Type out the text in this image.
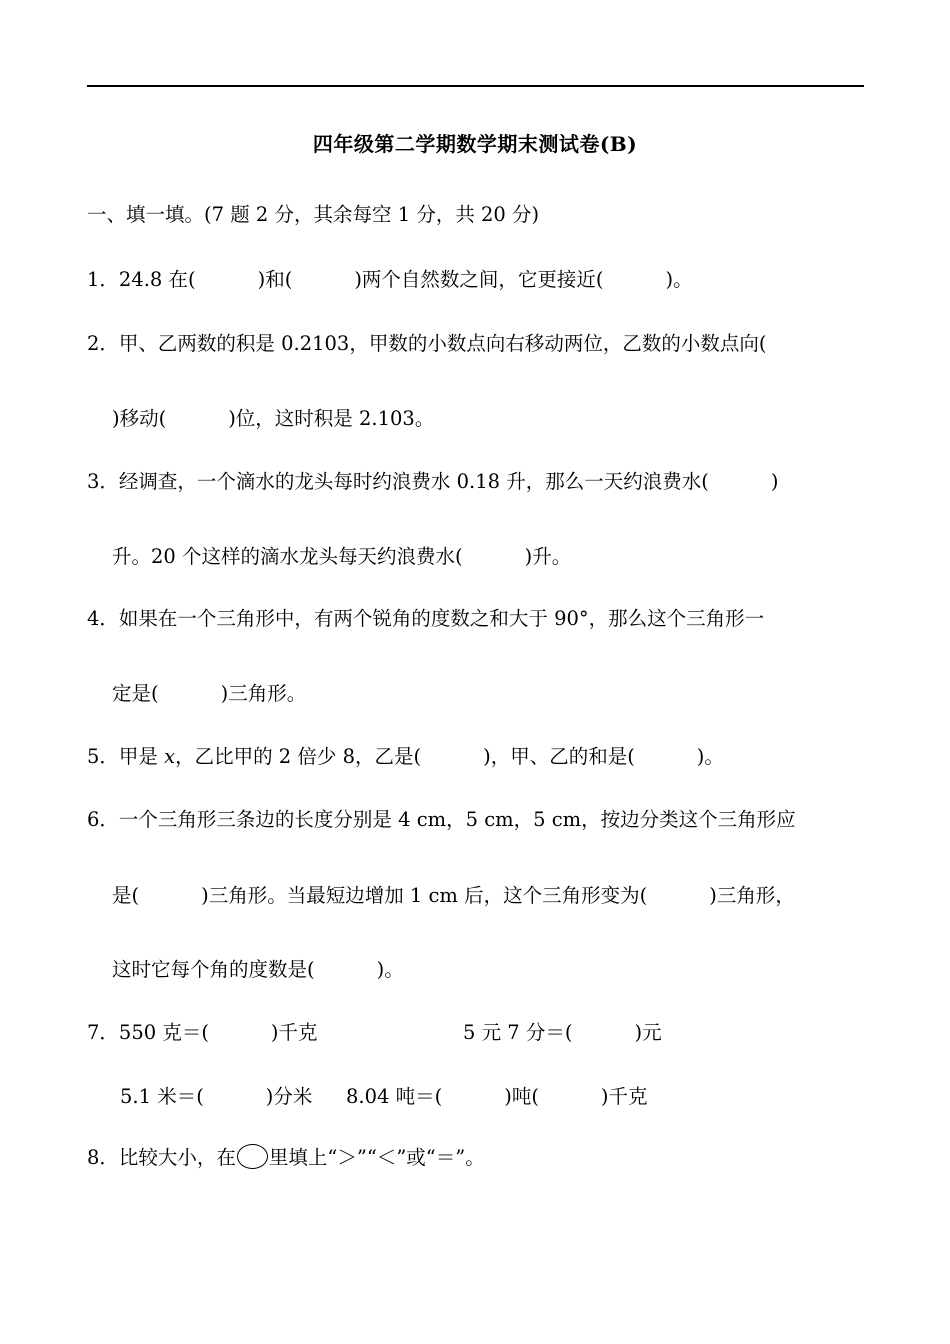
四年级第二学期数学期末测试卷(B)
一、填一填。(7 题 2 分，其余每空 1 分，共 20 分)
1．24.8 在(          )和(          )两个自然数之间，它更接近(          )。
2．甲、乙两数的积是 0.2103，甲数的小数点向右移动两位，乙数的小数点向(
)移动(          )位，这时积是 2.103。
3．经调查，一个滴水的龙头每时约浪费水 0.18 升，那么一天约浪费水(          )
升。20 个这样的滴水龙头每天约浪费水(          )升。
4．如果在一个三角形中，有两个锐角的度数之和大于 90°，那么这个三角形一
定是(          )三角形。
5．甲是 x，乙比甲的 2 倍少 8，乙是(          )，甲、乙的和是(          )。
6．一个三角形三条边的长度分别是 4 cm，5 cm，5 cm，按边分类这个三角形应
是(          )三角形。当最短边增加 1 cm 后，这个三角形变为(          )三角形，
这时它每个角的度数是(          )。
7．550 克＝(          )千克	5 元 7 分＝(          )元
5.1 米＝(          )分米 8.04 吨＝(          )吨(          )千克
8．比较大小，在 里填上“＞”“＜”或“＝”。
